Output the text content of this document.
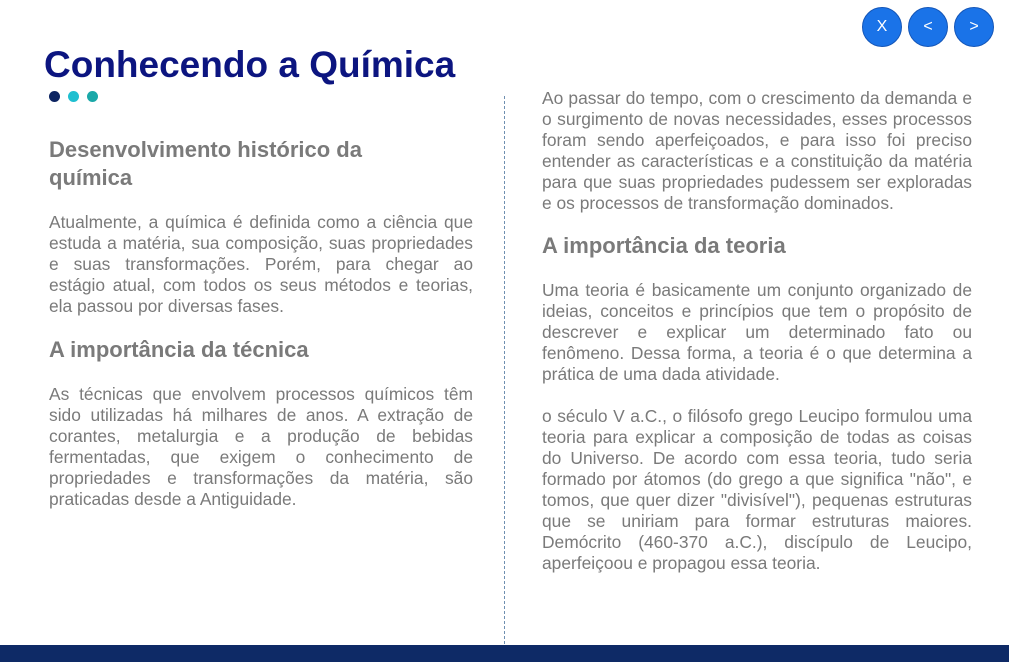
X	<	>
Conhecendo a Química
Desenvolvimento histórico da química

Atualmente, a química é definida como a ciência que estuda a matéria, sua composição, suas propriedades e suas transformações. Porém, para chegar ao estágio atual, com todos os seus métodos e teorias, ela passou por diversas fases.

A importância da técnica

As técnicas que envolvem processos químicos têm sido utilizadas há milhares de anos. A extração de corantes, metalurgia e a produção de bebidas fermentadas, que exigem o conhecimento de propriedades e transformações da matéria, são praticadas desde a Antiguidade.

Ao passar do tempo, com o crescimento da demanda e o surgimento de novas necessidades, esses processos foram sendo aperfeiçoados, e para isso foi preciso entender as características e a constituição da matéria para que suas propriedades pudessem ser exploradas e os processos de transformação dominados.

A importância da teoria

Uma teoria é basicamente um conjunto organizado de ideias, conceitos e princípios que tem o propósito de descrever e explicar um determinado fato ou fenômeno. Dessa forma, a teoria é o que determina a prática de uma dada atividade.

o século V a.C., o filósofo grego Leucipo formulou uma teoria para explicar a composição de todas as coisas do Universo. De acordo com essa teoria, tudo seria formado por átomos (do grego a que significa "não", e tomos, que quer dizer "divisível"), pequenas estruturas que se uniriam para formar estruturas maiores. Demócrito (460-370 a.C.), discípulo de Leucipo, aperfeiçoou e propagou essa teoria.
